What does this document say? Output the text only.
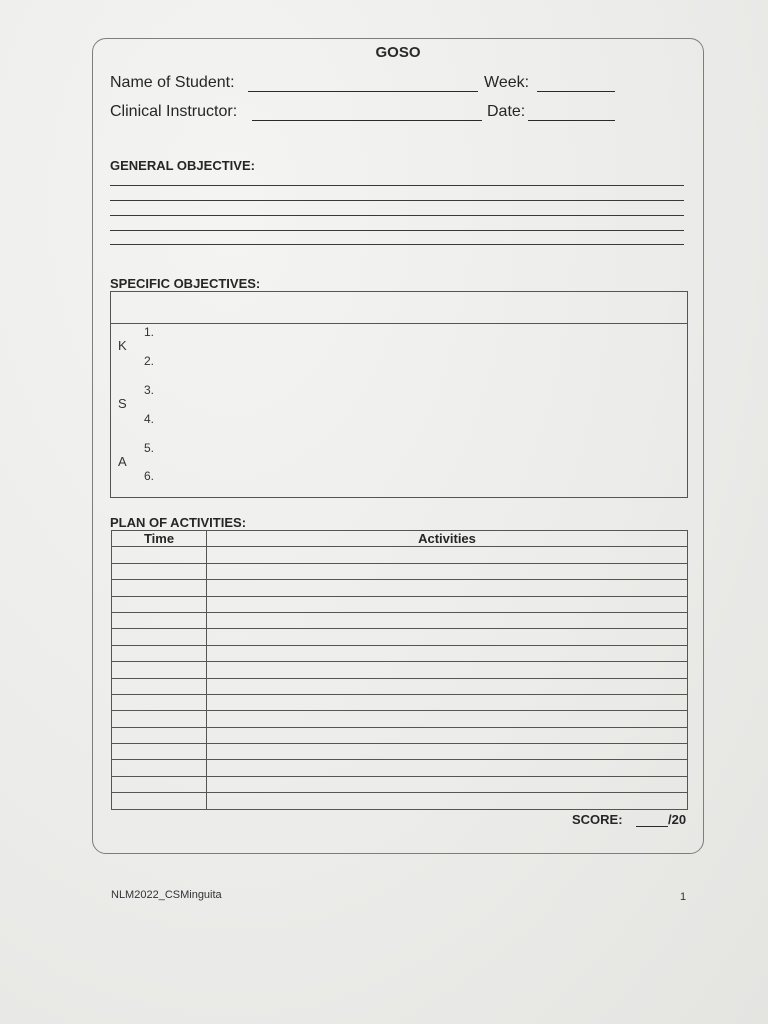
GOSO
Name of Student:	Week:
Clinical Instructor:	Date:
GENERAL OBJECTIVE:
SPECIFIC OBJECTIVES:
K
1.
2.
S
3.
4.
A
5.
6.
PLAN OF ACTIVITIES:
Time	Activities

SCORE:	/20
NLM2022_CSMinguita	1
